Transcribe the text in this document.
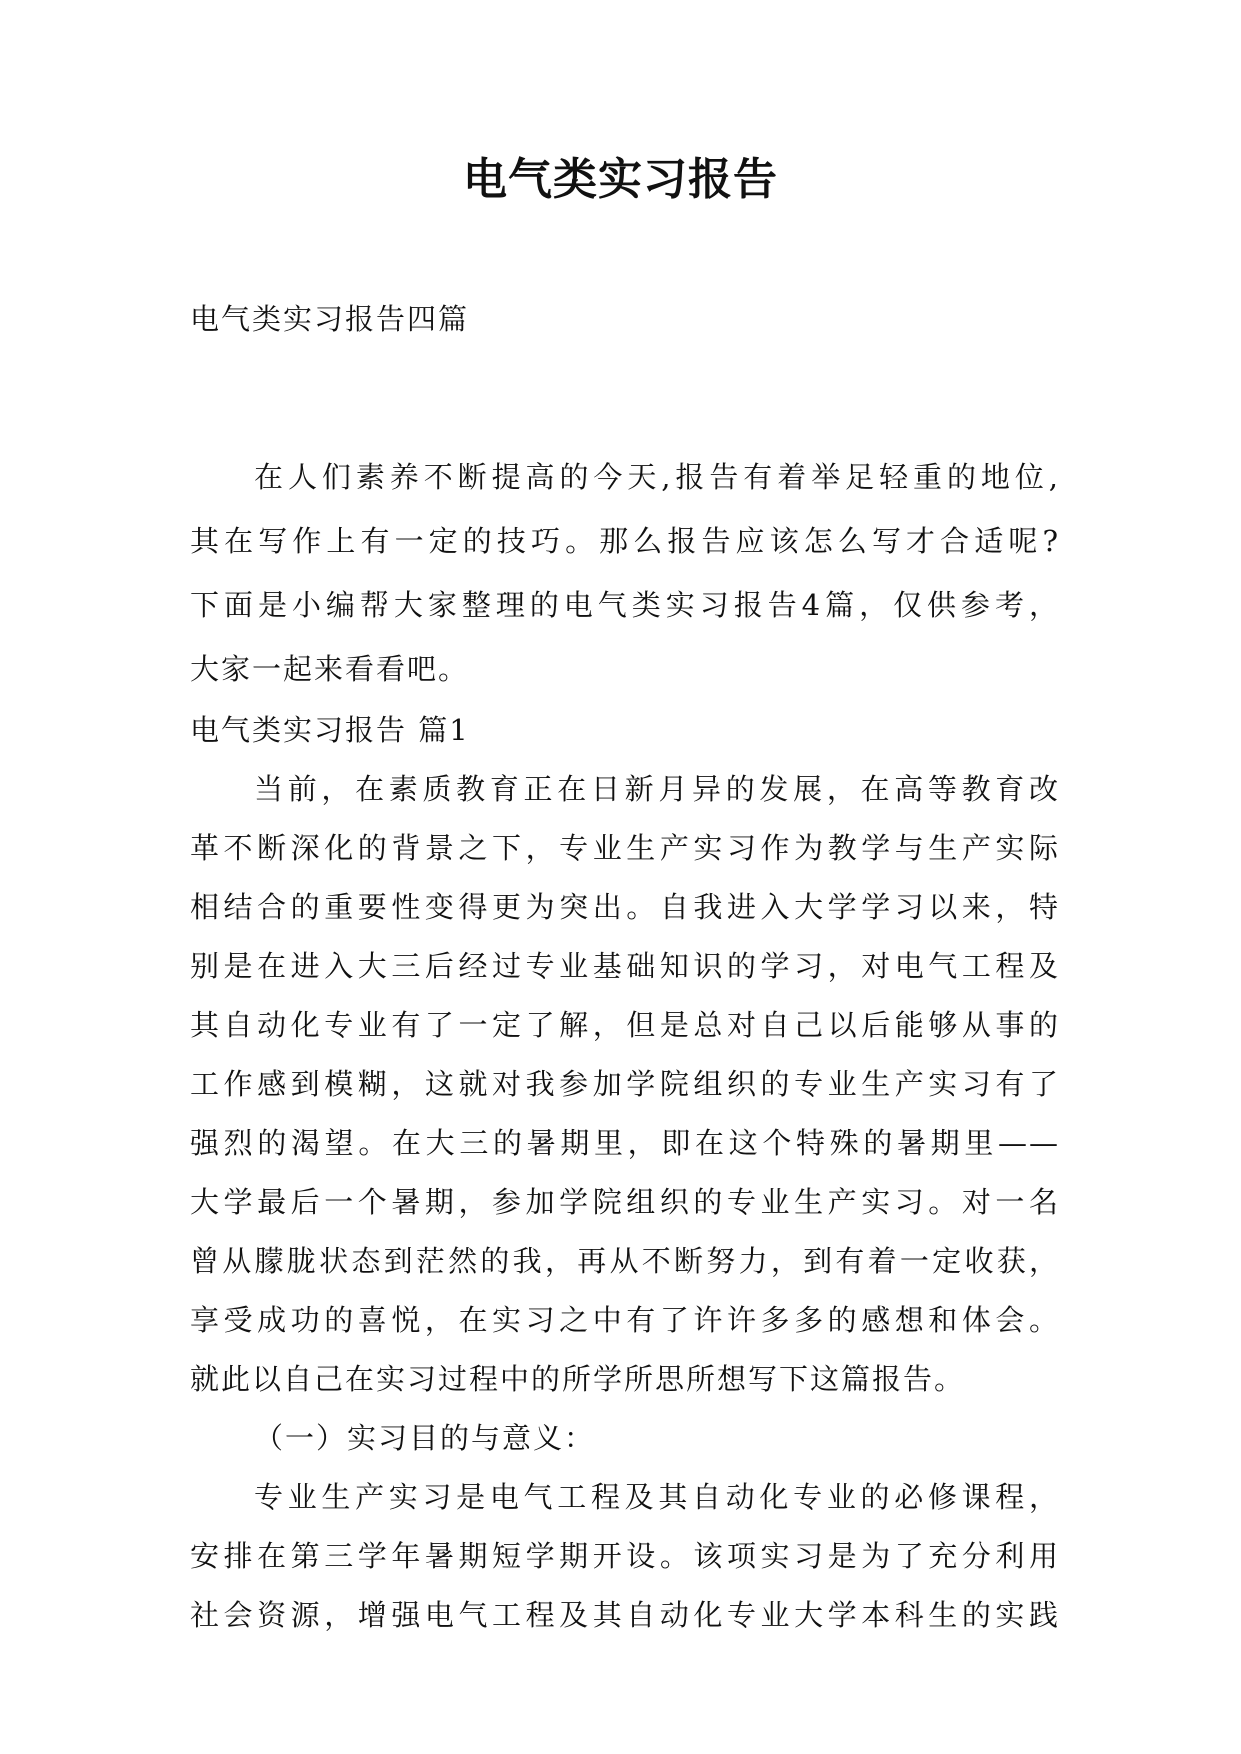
电气类实习报告
电气类实习报告四篇
在人们素养不断提高的今天,报告有着举足轻重的地位,
其在写作上有一定的技巧。那么报告应该怎么写才合适呢?
下面是小编帮大家整理的电气类实习报告4篇，仅供参考，
大家一起来看看吧。
电气类实习报告 篇1
当前，在素质教育正在日新月异的发展，在高等教育改
革不断深化的背景之下，专业生产实习作为教学与生产实际
相结合的重要性变得更为突出。自我进入大学学习以来，特
别是在进入大三后经过专业基础知识的学习，对电气工程及
其自动化专业有了一定了解，但是总对自己以后能够从事的
工作感到模糊，这就对我参加学院组织的专业生产实习有了
强烈的渴望。在大三的暑期里，即在这个特殊的暑期里——
大学最后一个暑期，参加学院组织的专业生产实习。对一名
曾从朦胧状态到茫然的我，再从不断努力，到有着一定收获，
享受成功的喜悦，在实习之中有了许许多多的感想和体会。
就此以自己在实习过程中的所学所思所想写下这篇报告。
（一）实习目的与意义：
专业生产实习是电气工程及其自动化专业的必修课程，
安排在第三学年暑期短学期开设。该项实习是为了充分利用
社会资源，增强电气工程及其自动化专业大学本科生的实践
